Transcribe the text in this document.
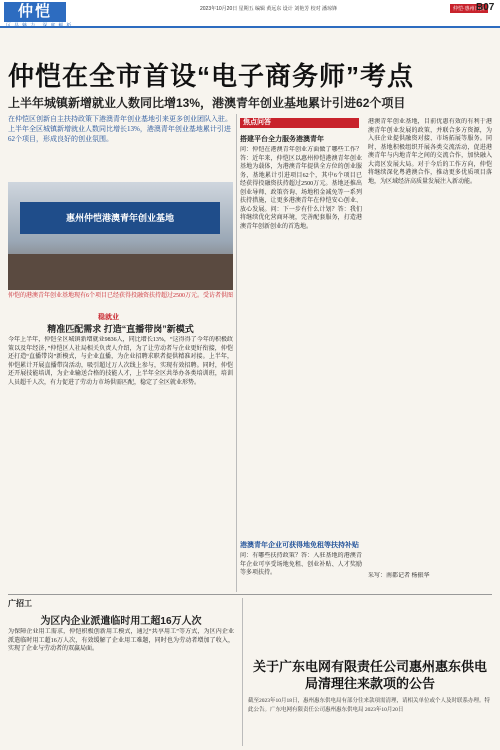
仲恺	2023年10月20日 星期五 编辑 黄远东 设计 刘艳芳 校对 潘琼锋	仲恺·惠州日报
B07
仲恺在全市首设“电子商务师”考点
上半年城镇新增就业人数同比增13%，港澳青年创业基地累计引进62个项目
在仲恺区创新自主扶持政策下港澳青年创业基地引来更多创业团队入驻。上半年全区城镇新增就业人数同比增长13%，港澳青年创业基地累计引进62个项目，形成良好的创业氛围。
惠州仲恺港澳青年创业基地
仲恺的港澳青年创业基地现有6个项目已经获得投融资扶持超过2500万元。受访者供图
稳就业
精准匹配需求 打造“直播带岗”新模式
今年上半年，仲恺全区城镇新增就业9836人，同比增长13%，“这得得了今年的积极政策以及年经济，”仲恺区人社局相关负责人介绍，为了让劳动者与企业更好衔接，仲恺还打造“直播带岗”新模式，与企业直播，为企业招聘求职者提供精准对接。上半年，仲恺累计开展直播带岗活动，吸引超过万人次线上参与，实现有效招聘。同时，仲恺还开展技能培训，为企业输送合格的技能人才，上半年全区共举办各类培训班，培训人员超千人次，有力促进了劳动力市场供需匹配，稳定了全区就业形势。
焦点问答
搭建平台全力服务港澳青年
问：仲恺在港澳青年创业方面做了哪些工作？答：近年来，仲恺区以惠州仲恺港澳青年创业基地为载体，为港澳青年提供全方位的创业服务，基地累计引进项目62个，其中6个项目已经获得投融资扶持超过2500万元。基地还推出创业导师、政策咨询、场地租金减免等一系列扶持措施，让更多港澳青年在仲恺安心创业、放心发展。问：下一步有什么计划？答：我们将继续优化营商环境，完善配套服务，打造港澳青年创新创业的首选地。
港澳青年企业可获得地免租等扶持补贴
问：有哪些扶持政策？答：入驻基地的港澳青年企业可享受场地免租、创业补贴、人才奖励等多项扶持。
港澳青年创业基地，目前优惠有效的有利于港澳青年创业发展的政策，并联合多方资源，为入驻企业提供融资对接、市场拓展等服务。同时，基地积极组织开展各类交流活动，促进港澳青年与内地青年之间的交流合作，加快融入大湾区发展大局。对于今后的工作方向，仲恺将继续深化粤港澳合作，推动更多优质项目落地，为区域经济高质量发展注入新动能。
采写：南都记者 杨振华
广招工
为区内企业派遣临时用工超16万人次
为保障企业用工需求，仲恺积极创新用工模式，通过“共享用工”等方式，为区内企业派遣临时用工超16万人次，有效缓解了企业用工难题，同时也为劳动者增加了收入，实现了企业与劳动者的双赢局面。
关于广东电网有限责任公司惠州惠东供电局清理往来款项的公告
截至2023年10月18日，惠州惠东供电局有部分往来款项需清理，请相关单位或个人及时联系办理。特此公告。广东电网有限责任公司惠州惠东供电局 2023年10月20日
